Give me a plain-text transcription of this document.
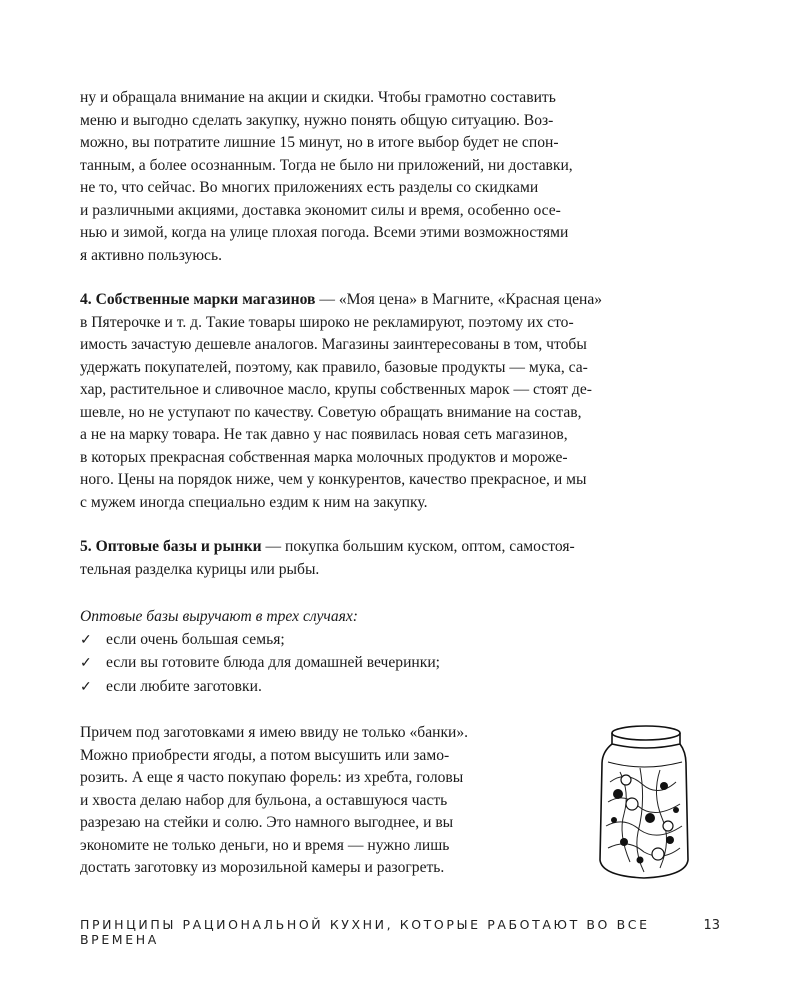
ну и обращала внимание на акции и скидки. Чтобы грамотно составить
меню и выгодно сделать закупку, нужно понять общую ситуацию. Воз-
можно, вы потратите лишние 15 минут, но в итоге выбор будет не спон-
танным, а более осознанным. Тогда не было ни приложений, ни доставки,
не то, что сейчас. Во многих приложениях есть разделы со скидками
и различными акциями, доставка экономит силы и время, особенно осе-
нью и зимой, когда на улице плохая погода. Всеми этими возможностями
я активно пользуюсь.
4. Собственные марки магазинов — «Моя цена» в Магните, «Красная цена»
в Пятерочке и т. д. Такие товары широко не рекламируют, поэтому их сто-
имость зачастую дешевле аналогов. Магазины заинтересованы в том, чтобы
удержать покупателей, поэтому, как правило, базовые продукты — мука, са-
хар, растительное и сливочное масло, крупы собственных марок — стоят де-
шевле, но не уступают по качеству. Советую обращать внимание на состав,
а не на марку товара. Не так давно у нас появилась новая сеть магазинов,
в которых прекрасная собственная марка молочных продуктов и мороже-
ного. Цены на порядок ниже, чем у конкурентов, качество прекрасное, и мы
с мужем иногда специально ездим к ним на закупку.
5. Оптовые базы и рынки — покупка большим куском, оптом, самостоя-
тельная разделка курицы или рыбы.
Оптовые базы выручают в трех случаях:
✓ если очень большая семья;
✓ если вы готовите блюда для домашней вечеринки;
✓ если любите заготовки.
Причем под заготовками я имею ввиду не только «банки».
Можно приобрести ягоды, а потом высушить или замо-
розить. А еще я часто покупаю форель: из хребта, головы
и хвоста делаю набор для бульона, а оставшуюся часть
разрезаю на стейки и солю. Это намного выгоднее, и вы
экономите не только деньги, но и время — нужно лишь
достать заготовку из морозильной камеры и разогреть.
ПРИНЦИПЫ РАЦИОНАЛЬНОЙ КУХНИ, КОТОРЫЕ РАБОТАЮТ ВО ВСЕ ВРЕМЕНА
13
